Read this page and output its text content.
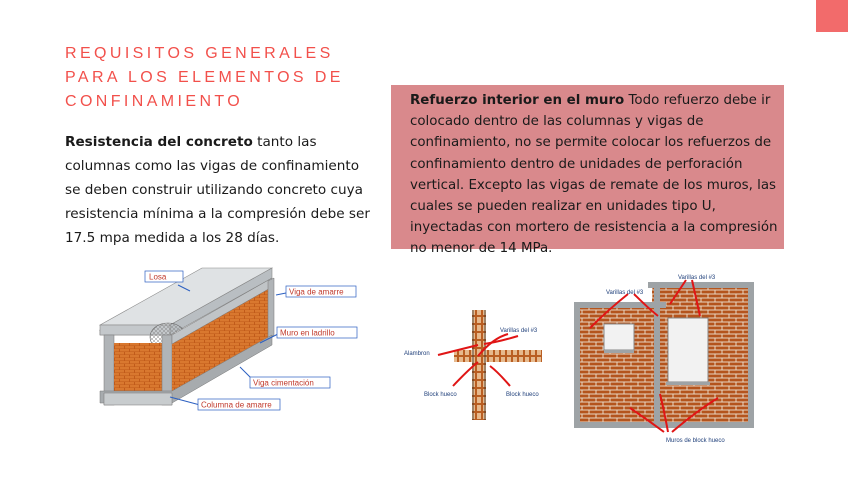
REQUISITOS GENERALES
PARA LOS ELEMENTOS DE
CONFINAMIENTO
Resistencia del concreto tanto las columnas como las vigas de confinamiento se deben construir utilizando concreto cuya resistencia mínima a la compresión debe ser 17.5 mpa medida a los 28 días.
Refuerzo interior en el muro Todo refuerzo debe ir colocado dentro de las columnas y vigas de confinamiento, no se permite colocar los refuerzos de confinamiento dentro de unidades de perforación vertical. Excepto las vigas de remate de los muros, las cuales se pueden realizar en unidades tipo U, inyectadas con mortero de resistencia a la compresión no menor de 14 MPa.
Losa
Viga de amarre
Muro en ladrillo
Viga cimentación
Columna de amarre
Varillas del #3
Alambron
Block hueco	Block hueco
Varillas del #3
Varillas del #3
Muros de block hueco
